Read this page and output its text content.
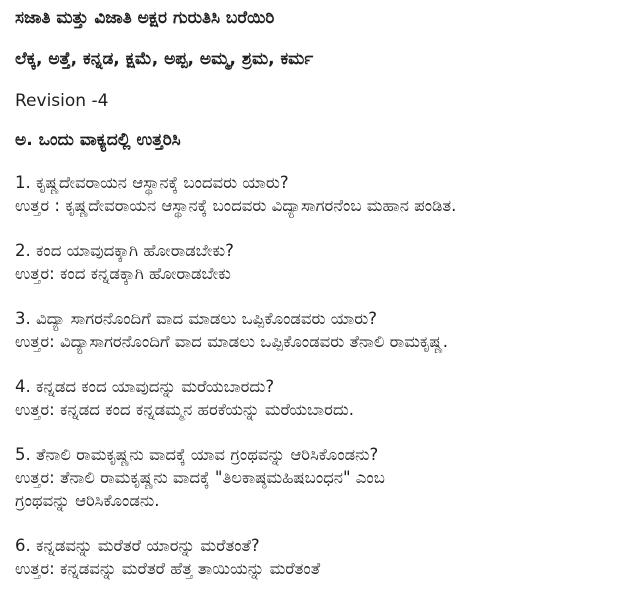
ಸಜಾತಿ ಮತ್ತು ವಿಜಾತಿ ಅಕ್ಷರ ಗುರುತಿಸಿ ಬರೆಯಿರಿ
ಲೆಕ್ಕ, ಅತ್ತೆ, ಕನ್ನಡ, ಕ್ಷಮೆ, ಅಪ್ಪ, ಅಮ್ಮ, ಶ್ರಮ, ಕರ್ಮ
Revision -4
ಅ. ಒಂದು ವಾಕ್ಯದಲ್ಲಿ ಉತ್ತರಿಸಿ
1. ಕೃಷ್ಣದೇವರಾಯನ ಆಸ್ಥಾನಕ್ಕೆ ಬಂದವರು ಯಾರು?
ಉತ್ತರ : ಕೃಷ್ಣದೇವರಾಯನ ಆಸ್ಥಾನಕ್ಕೆ ಬಂದವರು ವಿದ್ಯಾಸಾಗರನೆಂಬ ಮಹಾನ ಪಂಡಿತ.
2. ಕಂದ ಯಾವುದಕ್ಕಾಗಿ ಹೋರಾಡಬೇಕು?
ಉತ್ತರ: ಕಂದ ಕನ್ನಡಕ್ಕಾಗಿ ಹೋರಾಡಬೇಕು
3. ವಿದ್ಯಾ ಸಾಗರನೊಂದಿಗೆ ವಾದ ಮಾಡಲು ಒಪ್ಪಿಕೊಂಡವರು ಯಾರು?
ಉತ್ತರ: ವಿದ್ಯಾಸಾಗರನೊಂದಿಗೆ ವಾದ ಮಾಡಲು ಒಪ್ಪಿಕೊಂಡವರು ತೆನಾಲಿ ರಾಮಕೃಷ್ಣ.
4. ಕನ್ನಡದ ಕಂದ ಯಾವುದನ್ನು ಮರೆಯಬಾರದು?
ಉತ್ತರ: ಕನ್ನಡದ ಕಂದ ಕನ್ನಡಮ್ಮನ ಹರಕೆಯನ್ನು ಮರೆಯಬಾರದು.
5. ತೆನಾಲಿ ರಾಮಕೃಷ್ಣನು ವಾದಕ್ಕೆ ಯಾವ ಗ್ರಂಥವನ್ನು ಆರಿಸಿಕೊಂಡನು?
ಉತ್ತರ: ತೆನಾಲಿ ರಾಮಕೃಷ್ಣನು ವಾದಕ್ಕೆ "ತಿಲಕಾಷ್ಠಮಹಿಷಬಂಧನ" ಎಂಬ
ಗ್ರಂಥವನ್ನು ಆರಿಸಿಕೊಂಡನು.
6. ಕನ್ನಡವನ್ನು ಮರೆತರೆ ಯಾರನ್ನು ಮರೆತಂತೆ?
ಉತ್ತರ: ಕನ್ನಡವನ್ನು ಮರೆತರೆ ಹೆತ್ತ ತಾಯಿಯನ್ನು ಮರೆತಂತೆ
